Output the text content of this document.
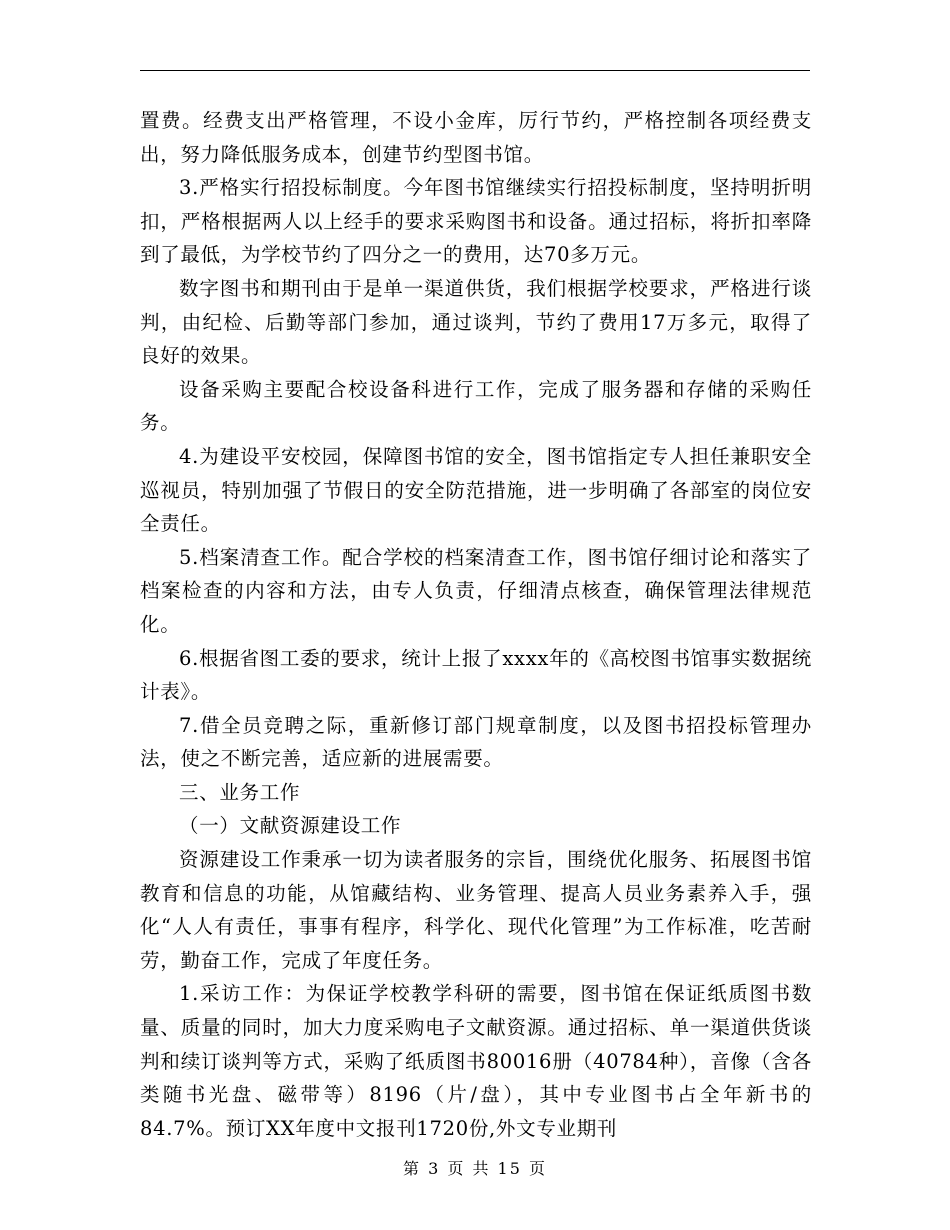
置费。经费支出严格管理，不设小金库，厉行节约，严格控制各项经费支出，努力降低服务成本，创建节约型图书馆。

3.严格实行招投标制度。今年图书馆继续实行招投标制度，坚持明折明扣，严格根据两人以上经手的要求采购图书和设备。通过招标，将折扣率降到了最低，为学校节约了四分之一的费用，达70多万元。

数字图书和期刊由于是单一渠道供货，我们根据学校要求，严格进行谈判，由纪检、后勤等部门参加，通过谈判，节约了费用17万多元，取得了良好的效果。

设备采购主要配合校设备科进行工作，完成了服务器和存储的采购任务。

4.为建设平安校园，保障图书馆的安全，图书馆指定专人担任兼职安全巡视员，特别加强了节假日的安全防范措施，进一步明确了各部室的岗位安全责任。

5.档案清查工作。配合学校的档案清查工作，图书馆仔细讨论和落实了档案检查的内容和方法，由专人负责，仔细清点核查，确保管理法律规范化。

6.根据省图工委的要求，统计上报了xxxx年的《高校图书馆事实数据统计表》。

7.借全员竞聘之际，重新修订部门规章制度，以及图书招投标管理办法，使之不断完善，适应新的进展需要。

三、业务工作

（一）文献资源建设工作

资源建设工作秉承一切为读者服务的宗旨，围绕优化服务、拓展图书馆教育和信息的功能，从馆藏结构、业务管理、提高人员业务素养入手，强化“人人有责任，事事有程序，科学化、现代化管理”为工作标准，吃苦耐劳，勤奋工作，完成了年度任务。

1.采访工作：为保证学校教学科研的需要，图书馆在保证纸质图书数量、质量的同时，加大力度采购电子文献资源。通过招标、单一渠道供货谈判和续订谈判等方式，采购了纸质图书80016册（40784种），音像（含各类随书光盘、磁带等）8196（片/盘），其中专业图书占全年新书的84.7%。预订XX年度中文报刊1720份,外文专业期刊

第 3 页 共 15 页
